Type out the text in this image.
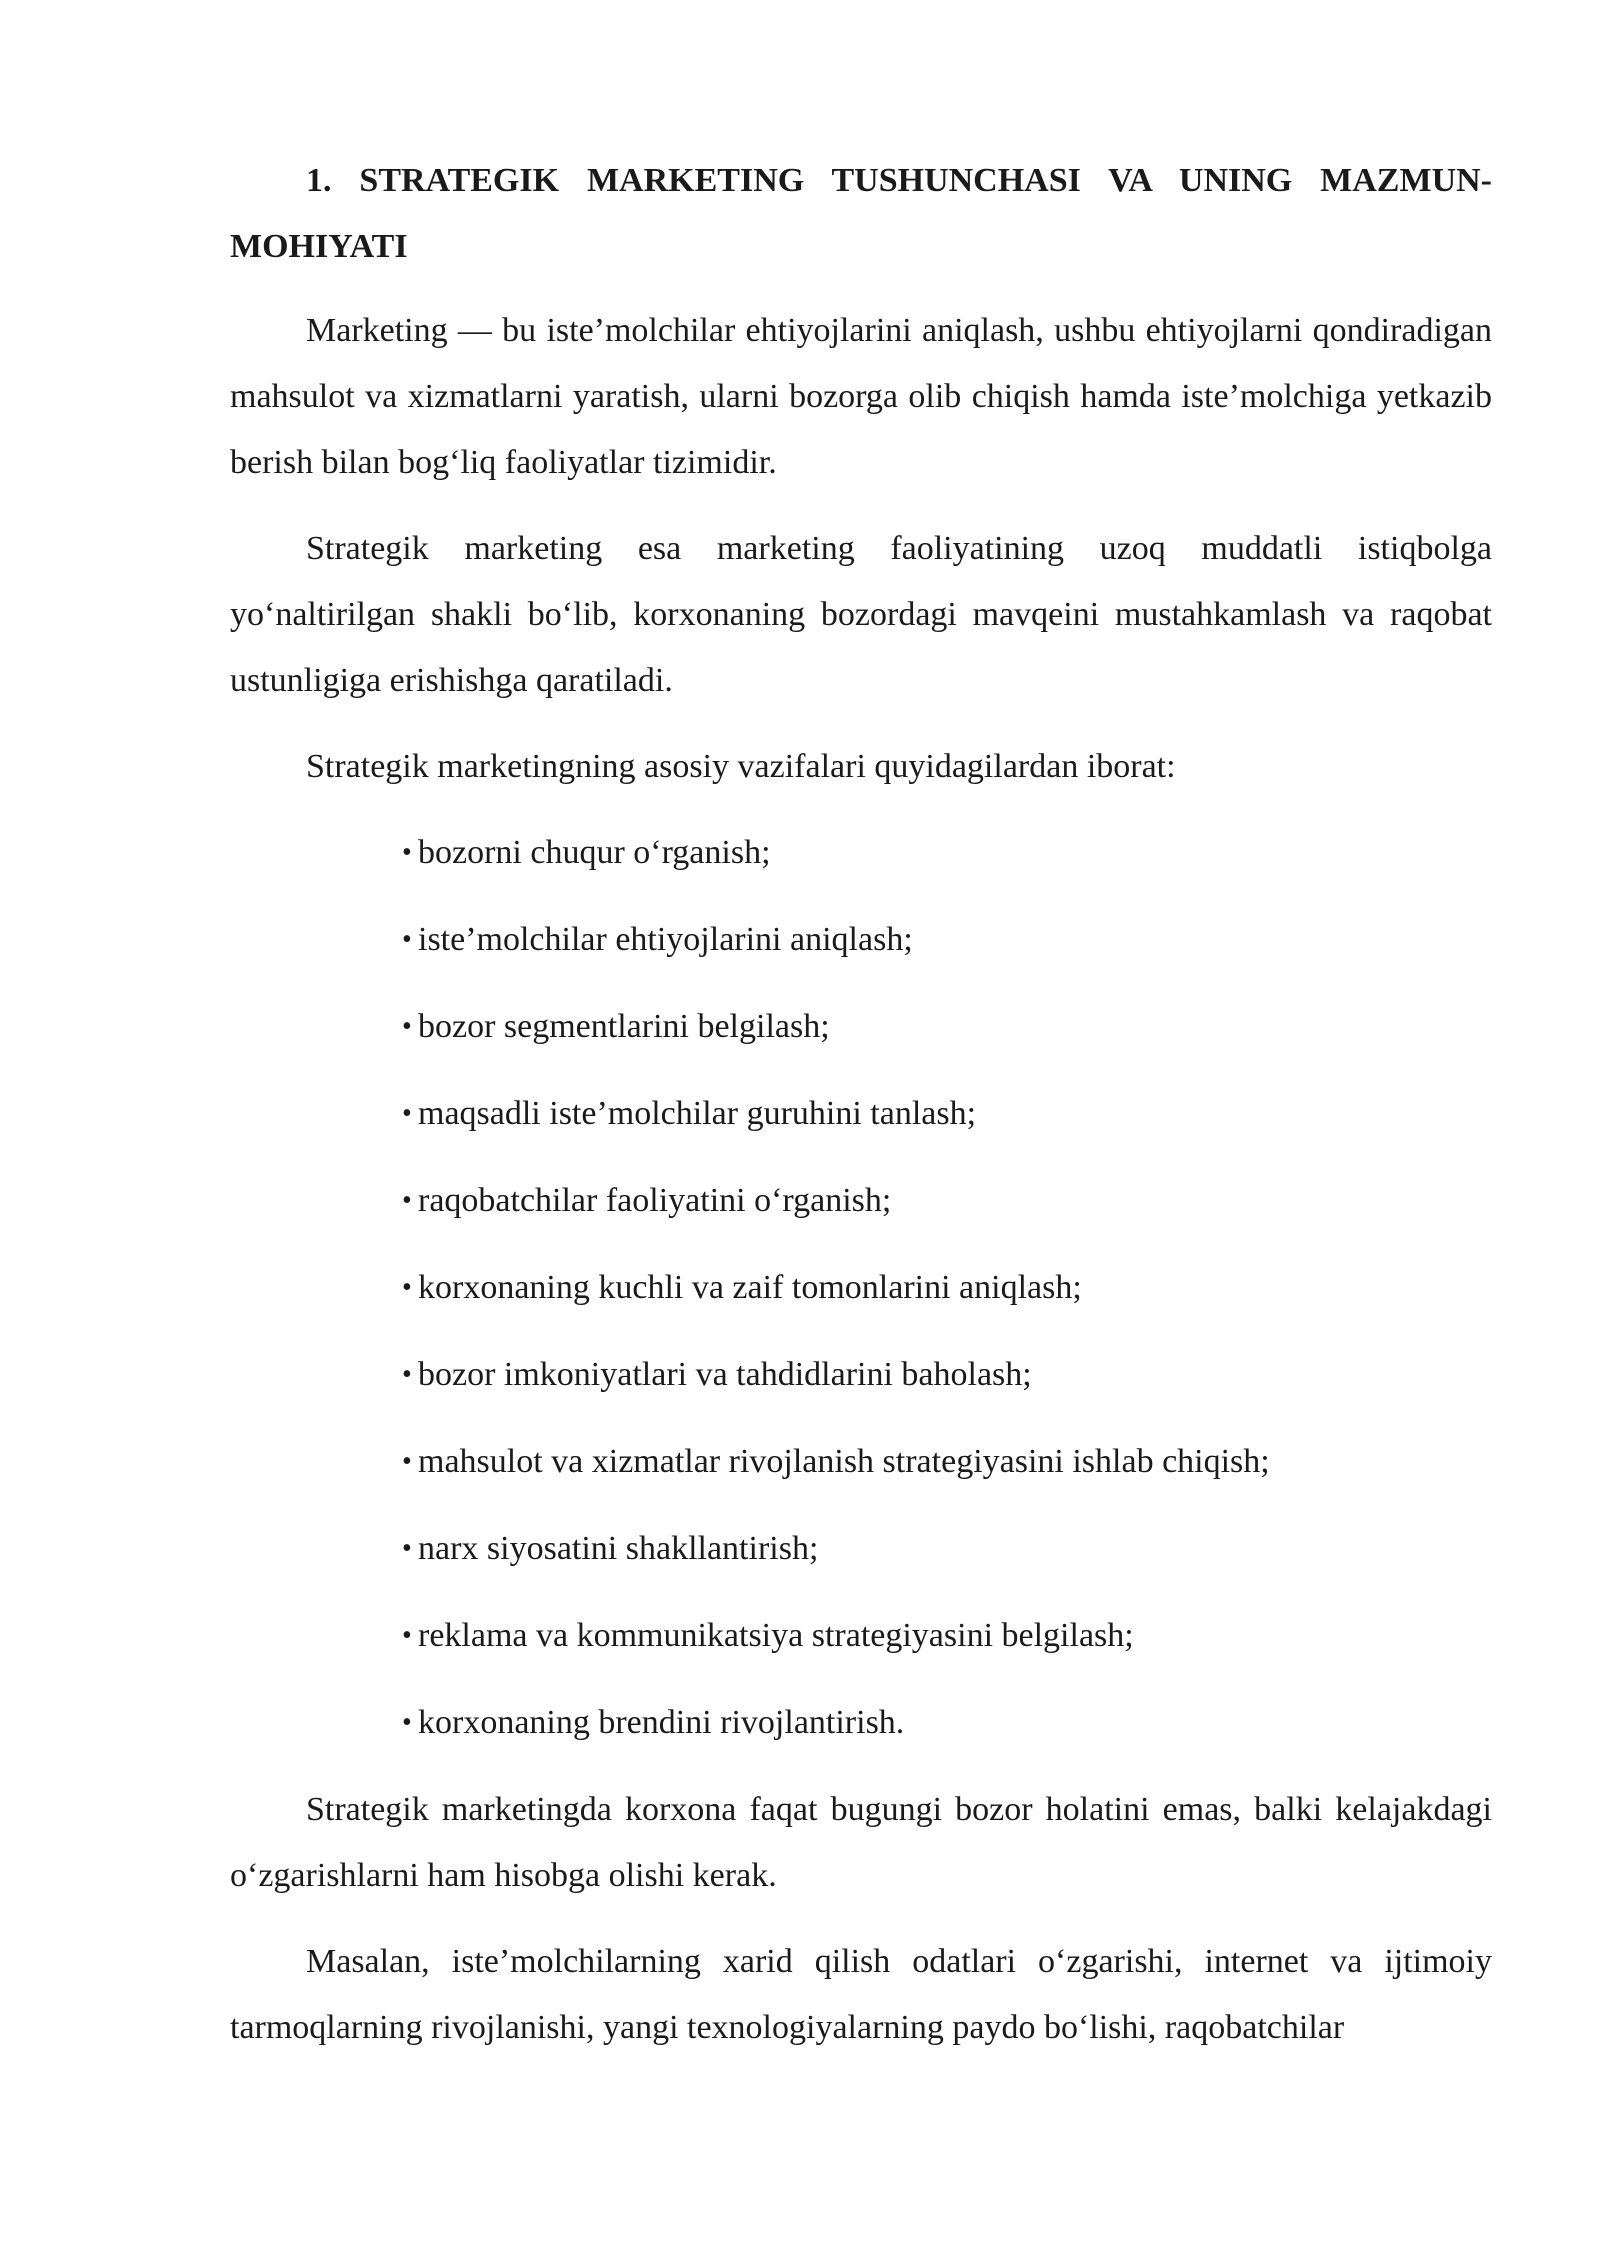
1. STRATEGIK MARKETING TUSHUNCHASI VA UNING MAZMUN-MOHIYATI

Marketing — bu iste’molchilar ehtiyojlarini aniqlash, ushbu ehtiyojlarni qondiradigan mahsulot va xizmatlarni yaratish, ularni bozorga olib chiqish hamda iste’molchiga yetkazib berish bilan bog‘liq faoliyatlar tizimidir.

Strategik marketing esa marketing faoliyatining uzoq muddatli istiqbolga yo‘naltirilgan shakli bo‘lib, korxonaning bozordagi mavqeini mustahkamlash va raqobat ustunligiga erishishga qaratiladi.

Strategik marketingning asosiy vazifalari quyidagilardan iborat:

• bozorni chuqur o‘rganish;
• iste’molchilar ehtiyojlarini aniqlash;
• bozor segmentlarini belgilash;
• maqsadli iste’molchilar guruhini tanlash;
• raqobatchilar faoliyatini o‘rganish;
• korxonaning kuchli va zaif tomonlarini aniqlash;
• bozor imkoniyatlari va tahdidlarini baholash;
• mahsulot va xizmatlar rivojlanish strategiyasini ishlab chiqish;
• narx siyosatini shakllantirish;
• reklama va kommunikatsiya strategiyasini belgilash;
• korxonaning brendini rivojlantirish.

Strategik marketingda korxona faqat bugungi bozor holatini emas, balki kelajakdagi o‘zgarishlarni ham hisobga olishi kerak.

Masalan, iste’molchilarning xarid qilish odatlari o‘zgarishi, internet va ijtimoiy tarmoqlarning rivojlanishi, yangi texnologiyalarning paydo bo‘lishi, raqobatchilar
